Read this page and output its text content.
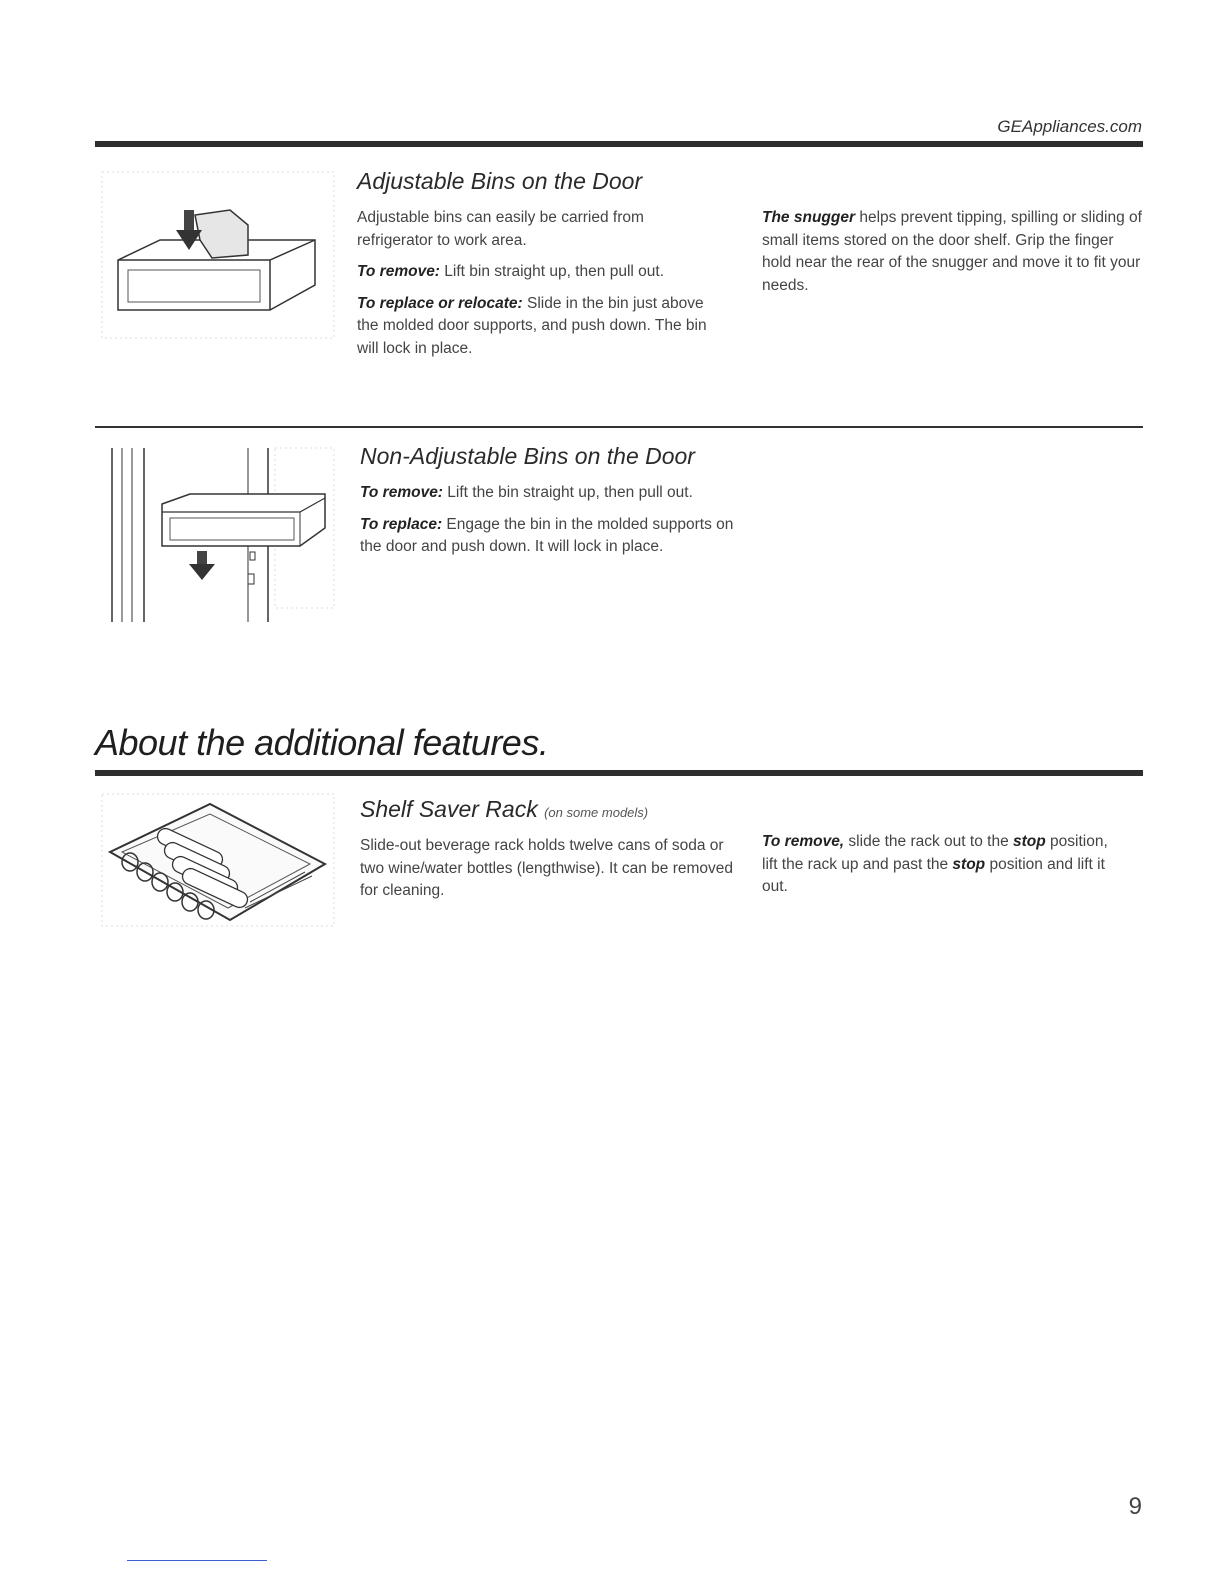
GEAppliances.com
Adjustable Bins on the Door

Adjustable bins can easily be carried from refrigerator to work area.

To remove: Lift bin straight up, then pull out.

To replace or relocate: Slide in the bin just above the molded door supports, and push down. The bin will lock in place.

The snugger helps prevent tipping, spilling or sliding of small items stored on the door shelf. Grip the finger hold near the rear of the snugger and move it to fit your needs.

Non-Adjustable Bins on the Door

To remove: Lift the bin straight up, then pull out.

To replace: Engage the bin in the molded supports on the door and push down. It will lock in place.

About the additional features.
Shelf Saver Rack (on some models)

Slide-out beverage rack holds twelve cans of soda or two wine/water bottles (lengthwise). It can be removed for cleaning.

To remove, slide the rack out to the stop position, lift the rack up and past the stop position and lift it out.

9
